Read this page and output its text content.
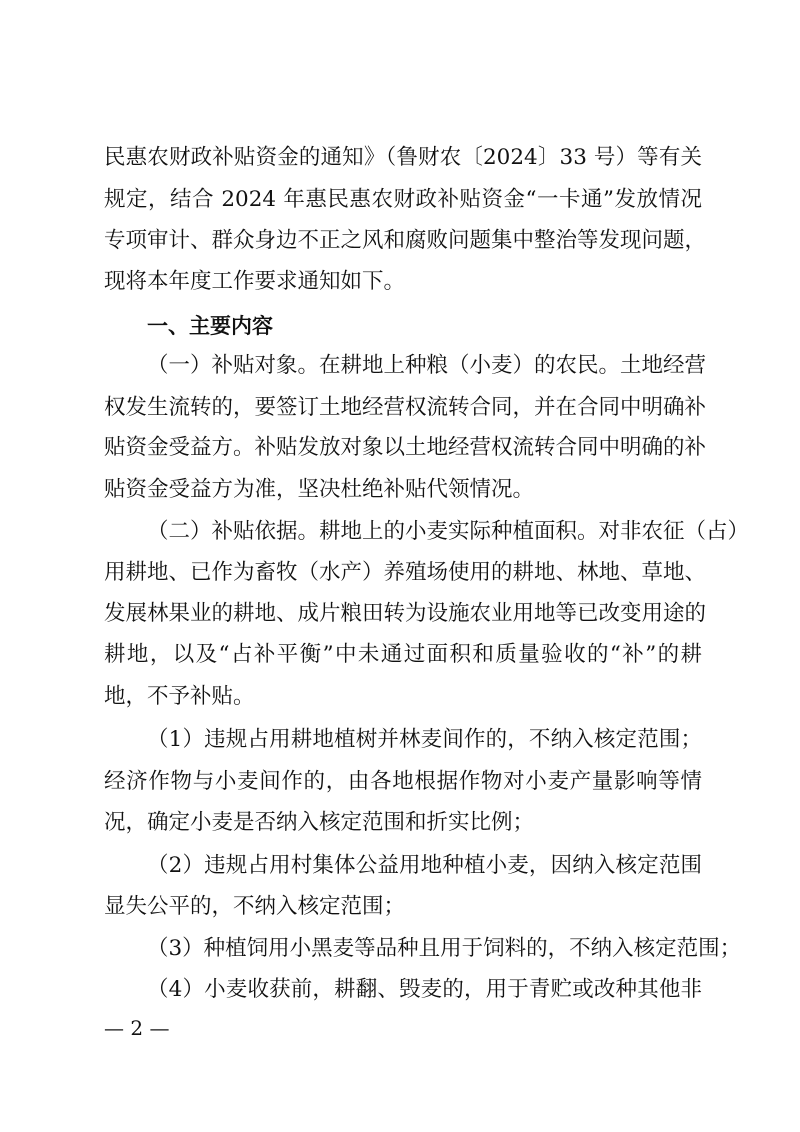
民惠农财政补贴资金的通知》（鲁财农〔2024〕33 号）等有关
规定，结合 2024 年惠民惠农财政补贴资金“一卡通”发放情况
专项审计、群众身边不正之风和腐败问题集中整治等发现问题，
现将本年度工作要求通知如下。
一、主要内容
（一）补贴对象。在耕地上种粮（小麦）的农民。土地经营
权发生流转的，要签订土地经营权流转合同，并在合同中明确补
贴资金受益方。补贴发放对象以土地经营权流转合同中明确的补
贴资金受益方为准，坚决杜绝补贴代领情况。
（二）补贴依据。耕地上的小麦实际种植面积。对非农征（占）
用耕地、已作为畜牧（水产）养殖场使用的耕地、林地、草地、
发展林果业的耕地、成片粮田转为设施农业用地等已改变用途的
耕地，以及“占补平衡”中未通过面积和质量验收的“补”的耕
地，不予补贴。
（1）违规占用耕地植树并林麦间作的，不纳入核定范围；
经济作物与小麦间作的，由各地根据作物对小麦产量影响等情
况，确定小麦是否纳入核定范围和折实比例；
（2）违规占用村集体公益用地种植小麦，因纳入核定范围
显失公平的，不纳入核定范围；
（3）种植饲用小黑麦等品种且用于饲料的，不纳入核定范围；
（4）小麦收获前，耕翻、毁麦的，用于青贮或改种其他非
— 2 —
